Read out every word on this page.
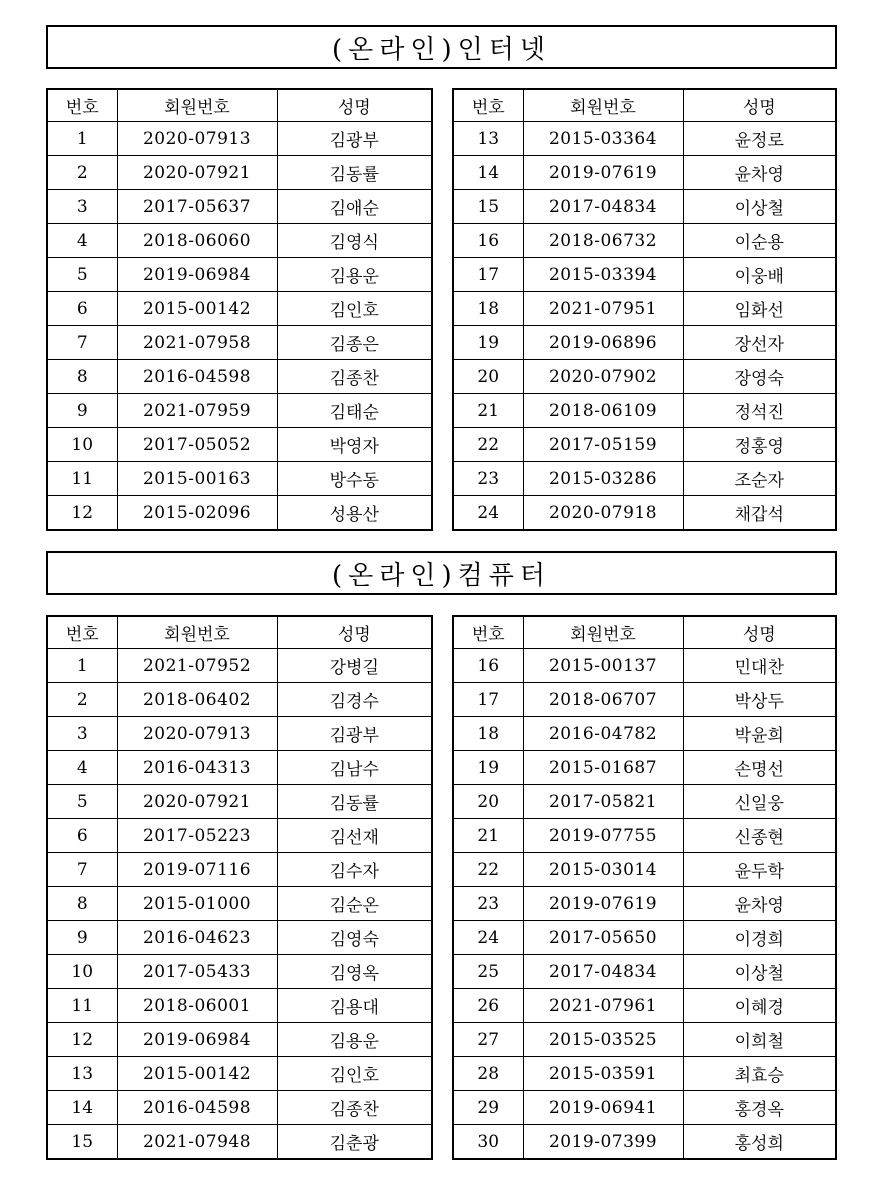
(온라인)인터넷
번호	회원번호	성명
1	2020-07913	김광부
2	2020-07921	김동률
3	2017-05637	김애순
4	2018-06060	김영식
5	2019-06984	김용운
6	2015-00142	김인호
7	2021-07958	김종은
8	2016-04598	김종찬
9	2021-07959	김태순
10	2017-05052	박영자
11	2015-00163	방수동
12	2015-02096	성용산
번호	회원번호	성명
13	2015-03364	윤정로
14	2019-07619	윤차영
15	2017-04834	이상철
16	2018-06732	이순용
17	2015-03394	이웅배
18	2021-07951	임화선
19	2019-06896	장선자
20	2020-07902	장영숙
21	2018-06109	정석진
22	2017-05159	정홍영
23	2015-03286	조순자
24	2020-07918	채갑석
(온라인)컴퓨터
번호	회원번호	성명
1	2021-07952	강병길
2	2018-06402	김경수
3	2020-07913	김광부
4	2016-04313	김남수
5	2020-07921	김동률
6	2017-05223	김선재
7	2019-07116	김수자
8	2015-01000	김순온
9	2016-04623	김영숙
10	2017-05433	김영옥
11	2018-06001	김용대
12	2019-06984	김용운
13	2015-00142	김인호
14	2016-04598	김종찬
15	2021-07948	김춘광
번호	회원번호	성명
16	2015-00137	민대찬
17	2018-06707	박상두
18	2016-04782	박윤희
19	2015-01687	손명선
20	2017-05821	신일웅
21	2019-07755	신종현
22	2015-03014	윤두학
23	2019-07619	윤차영
24	2017-05650	이경희
25	2017-04834	이상철
26	2021-07961	이혜경
27	2015-03525	이희철
28	2015-03591	최효승
29	2019-06941	홍경옥
30	2019-07399	홍성희
